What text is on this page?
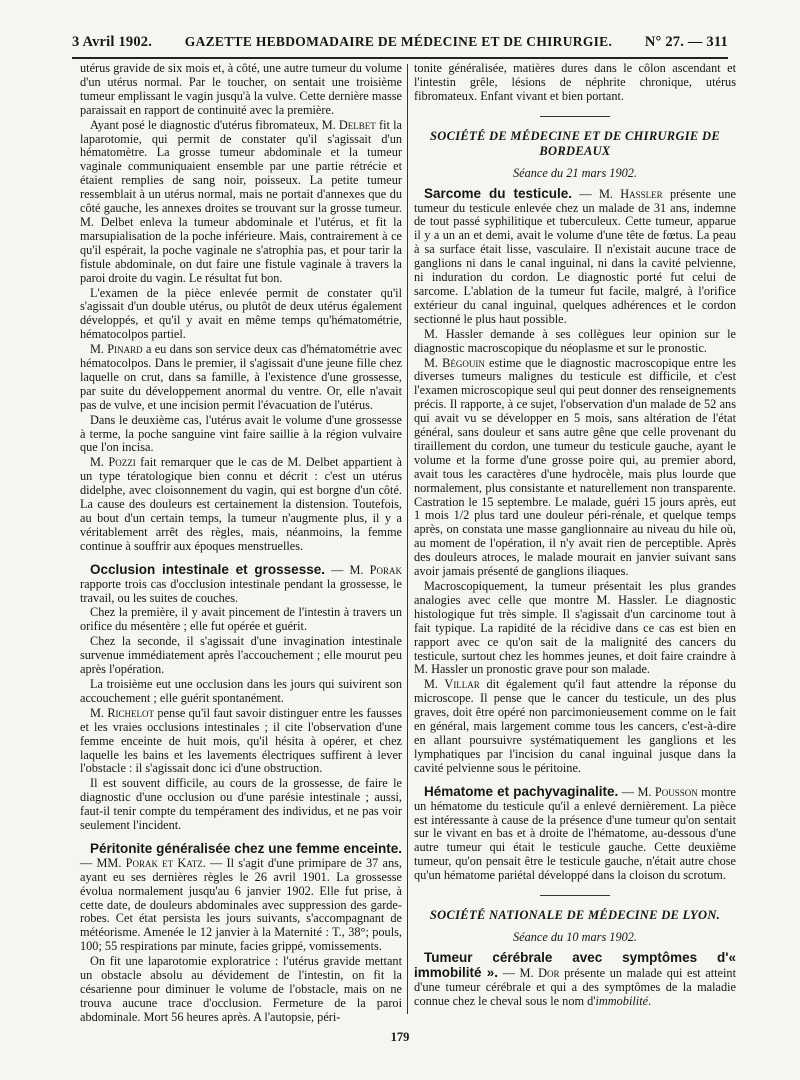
3 Avril 1902. GAZETTE HEBDOMADAIRE DE MÉDECINE ET DE CHIRURGIE. N° 27. — 311

utérus gravide de six mois et, à côté, une autre tumeur du volume d'un utérus normal. Par le toucher, on sentait une troisième tumeur emplissant le vagin jusqu'à la vulve. Cette dernière masse paraissait en rapport de continuité avec la première.

Ayant posé le diagnostic d'utérus fibromateux, M. Delbet fit la laparotomie, qui permit de constater qu'il s'agissait d'un hématomètre. La grosse tumeur abdominale et la tumeur vaginale communiquaient ensemble par une partie rétrécie et étaient remplies de sang noir, poisseux. La petite tumeur ressemblait à un utérus normal, mais ne portait d'annexes que du côté gauche, les annexes droites se trouvant sur la grosse tumeur. M. Delbet enleva la tumeur abdominale et l'utérus, et fit la marsupialisation de la poche inférieure. Mais, contrairement à ce qu'il espérait, la poche vaginale ne s'atrophia pas, et pour tarir la fistule abdominale, on dut faire une fistule vaginale à travers la paroi droite du vagin. Le résultat fut bon.

L'examen de la pièce enlevée permit de constater qu'il s'agissait d'un double utérus, ou plutôt de deux utérus également développés, et qu'il y avait en même temps qu'hématométrie, hématocolpos partiel.

M. Pinard a eu dans son service deux cas d'hématométrie avec hématocolpos. Dans le premier, il s'agissait d'une jeune fille chez laquelle on crut, dans sa famille, à l'existence d'une grossesse, par suite du développement anormal du ventre. Or, elle n'avait pas de vulve, et une incision permit l'évacuation de l'utérus.

Dans le deuxième cas, l'utérus avait le volume d'une grossesse à terme, la poche sanguine vint faire saillie à la région vulvaire que l'on incisa.

M. Pozzi fait remarquer que le cas de M. Delbet appartient à un type tératologique bien connu et décrit : c'est un utérus didelphe, avec cloisonnement du vagin, qui est borgne d'un côté. La cause des douleurs est certainement la distension. Toutefois, au bout d'un certain temps, la tumeur n'augmente plus, il y a véritablement arrêt des règles, mais, néanmoins, la femme continue à souffrir aux époques menstruelles.

Occlusion intestinale et grossesse. — M. Porak rapporte trois cas d'occlusion intestinale pendant la grossesse, le travail, ou les suites de couches.

Chez la première, il y avait pincement de l'intestin à travers un orifice du mésentère ; elle fut opérée et guérit.

Chez la seconde, il s'agissait d'une invagination intestinale survenue immédiatement après l'accouchement ; elle mourut peu après l'opération.

La troisième eut une occlusion dans les jours qui suivirent son accouchement ; elle guérit spontanément.

M. Richelot pense qu'il faut savoir distinguer entre les fausses et les vraies occlusions intestinales ; il cite l'observation d'une femme enceinte de huit mois, qu'il hésita à opérer, et chez laquelle les bains et les lavements électriques suffirent à lever l'obstacle : il s'agissait donc ici d'une obstruction.

Il est souvent difficile, au cours de la grossesse, de faire le diagnostic d'une occlusion ou d'une parésie intestinale ; aussi, faut-il tenir compte du tempérament des individus, et ne pas voir seulement l'incident.

Péritonite généralisée chez une femme enceinte. — MM. Porak et Katz. — Il s'agit d'une primipare de 37 ans, ayant eu ses dernières règles le 26 avril 1901. La grossesse évolua normalement jusqu'au 6 janvier 1902. Elle fut prise, à cette date, de douleurs abdominales avec suppression des garde-robes. Cet état persista les jours suivants, s'accompagnant de météorisme. Amenée le 12 janvier à la Maternité : T., 38°; pouls, 100; 55 respirations par minute, facies grippé, vomissements.

On fit une laparotomie exploratrice : l'utérus gravide mettant un obstacle absolu au dévidement de l'intestin, on fit la césarienne pour diminuer le volume de l'obstacle, mais on ne trouva aucune trace d'occlusion. Fermeture de la paroi abdominale. Mort 56 heures après. A l'autopsie, péri-

tonite généralisée, matières dures dans le côlon ascendant et l'intestin grêle, lésions de néphrite chronique, utérus fibromateux. Enfant vivant et bien portant.

SOCIÉTÉ DE MÉDECINE ET DE CHIRURGIE DE BORDEAUX
Séance du 21 mars 1902.

Sarcome du testicule. — M. Hassler présente une tumeur du testicule enlevée chez un malade de 31 ans, indemne de tout passé syphilitique et tuberculeux. Cette tumeur, apparue il y a un an et demi, avait le volume d'une tête de fœtus. La peau à sa surface était lisse, vasculaire. Il n'existait aucune trace de ganglions ni dans le canal inguinal, ni dans la cavité pelvienne, ni induration du cordon. Le diagnostic porté fut celui de sarcome. L'ablation de la tumeur fut facile, malgré, à l'orifice extérieur du canal inguinal, quelques adhérences et le cordon sectionné le plus haut possible.

M. Hassler demande à ses collègues leur opinion sur le diagnostic macroscopique du néoplasme et sur le pronostic.

M. Bégouin estime que le diagnostic macroscopique entre les diverses tumeurs malignes du testicule est difficile, et c'est l'examen microscopique seul qui peut donner des renseignements précis. Il rapporte, à ce sujet, l'observation d'un malade de 52 ans qui avait vu se développer en 5 mois, sans altération de l'état général, sans douleur et sans autre gêne que celle provenant du tiraillement du cordon, une tumeur du testicule gauche, ayant le volume et la forme d'une grosse poire qui, au premier abord, avait tous les caractères d'une hydrocèle, mais plus lourde que normalement, plus consistante et naturellement non transparente. Castration le 15 septembre. Le malade, guéri 15 jours après, eut 1 mois 1/2 plus tard une douleur péri-rénale, et quelque temps après, on constata une masse ganglionnaire au niveau du hile où, au moment de l'opération, il n'y avait rien de perceptible. Après des douleurs atroces, le malade mourait en janvier suivant sans avoir jamais présenté de ganglions iliaques.

Macroscopiquement, la tumeur présentait les plus grandes analogies avec celle que montre M. Hassler. Le diagnostic histologique fut très simple. Il s'agissait d'un carcinome tout à fait typique. La rapidité de la récidive dans ce cas est bien en rapport avec ce qu'on sait de la malignité des cancers du testicule, surtout chez les hommes jeunes, et doit faire craindre à M. Hassler un pronostic grave pour son malade.

M. Villar dit également qu'il faut attendre la réponse du microscope. Il pense que le cancer du testicule, un des plus graves, doit être opéré non parcimonieusement comme on le fait en général, mais largement comme tous les cancers, c'est-à-dire en allant poursuivre systématiquement les ganglions et les lymphatiques par l'incision du canal inguinal jusque dans la cavité pelvienne sous le péritoine.

Hématome et pachyvaginalite. — M. Pousson montre un hématome du testicule qu'il a enlevé dernièrement. La pièce est intéressante à cause de la présence d'une tumeur qu'on sentait sur le vivant en bas et à droite de l'hématome, au-dessous d'une autre tumeur qui était le testicule gauche. Cette deuxième tumeur, qu'on pensait être le testicule gauche, n'était autre chose qu'un hématome pariétal développé dans la cloison du scrotum.

SOCIÉTÉ NATIONALE DE MÉDECINE DE LYON.
Séance du 10 mars 1902.

Tumeur cérébrale avec symptômes d'« immobilité ». — M. Dor présente un malade qui est atteint d'une tumeur cérébrale et qui a des symptômes de la maladie connue chez le cheval sous le nom d'immobilité.

179
